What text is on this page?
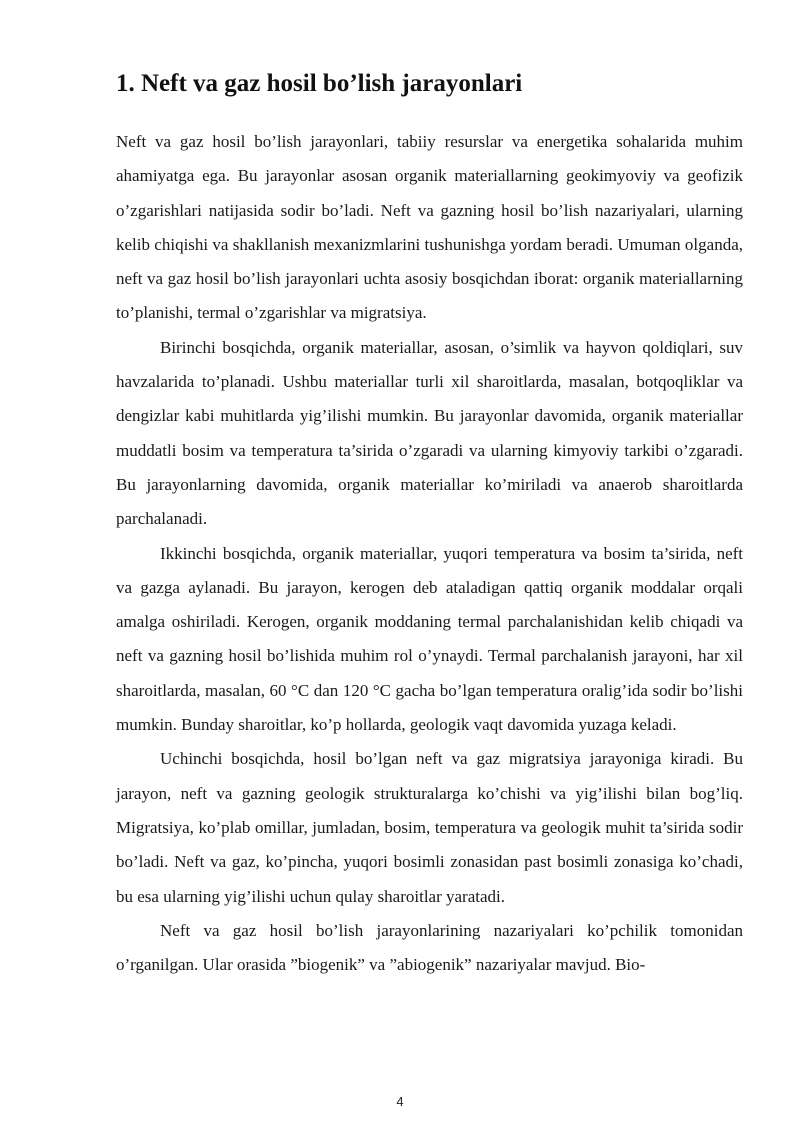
1. Neft va gaz hosil bo’lish jarayonlari

Neft va gaz hosil bo’lish jarayonlari, tabiiy resurslar va energetika sohalarida muhim ahamiyatga ega. Bu jarayonlar asosan organik materiallarning geokimyoviy va geofizik o’zgarishlari natijasida sodir bo’ladi. Neft va gazning hosil bo’lish nazariyalari, ularning kelib chiqishi va shakllanish mexanizmlarini tushunishga yordam beradi. Umuman olganda, neft va gaz hosil bo’lish jarayonlari uchta asosiy bosqichdan iborat: organik materiallarning to’planishi, termal o’zgarishlar va migratsiya.

Birinchi bosqichda, organik materiallar, asosan, o’simlik va hayvon qoldiqlari, suv havzalarida to’planadi. Ushbu materiallar turli xil sharoitlarda, masalan, botqoqliklar va dengizlar kabi muhitlarda yig’ilishi mumkin. Bu jarayonlar davomida, organik materiallar muddatli bosim va temperatura ta’sirida o’zgaradi va ularning kimyoviy tarkibi o’zgaradi. Bu jarayonlarning davomida, organik materiallar ko’miriladi va anaerob sharoitlarda parchalanadi.

Ikkinchi bosqichda, organik materiallar, yuqori temperatura va bosim ta’sirida, neft va gazga aylanadi. Bu jarayon, kerogen deb ataladigan qattiq organik moddalar orqali amalga oshiriladi. Kerogen, organik moddaning termal parchalanishidan kelib chiqadi va neft va gazning hosil bo’lishida muhim rol o’ynaydi. Termal parchalanish jarayoni, har xil sharoitlarda, masalan, 60 °C dan 120 °C gacha bo’lgan temperatura oralig’ida sodir bo’lishi mumkin. Bunday sharoitlar, ko’p hollarda, geologik vaqt davomida yuzaga keladi.

Uchinchi bosqichda, hosil bo’lgan neft va gaz migratsiya jarayoniga kiradi. Bu jarayon, neft va gazning geologik strukturalarga ko’chishi va yig’ilishi bilan bog’liq. Migratsiya, ko’plab omillar, jumladan, bosim, temperatura va geologik muhit ta’sirida sodir bo’ladi. Neft va gaz, ko’pincha, yuqori bosimli zonasidan past bosimli zonasiga ko’chadi, bu esa ularning yig’ilishi uchun qulay sharoitlar yaratadi.

Neft va gaz hosil bo’lish jarayonlarining nazariyalari ko’pchilik tomonidan o’rganilgan. Ular orasida ”biogenik” va ”abiogenik” nazariyalar mavjud. Bio-

4
